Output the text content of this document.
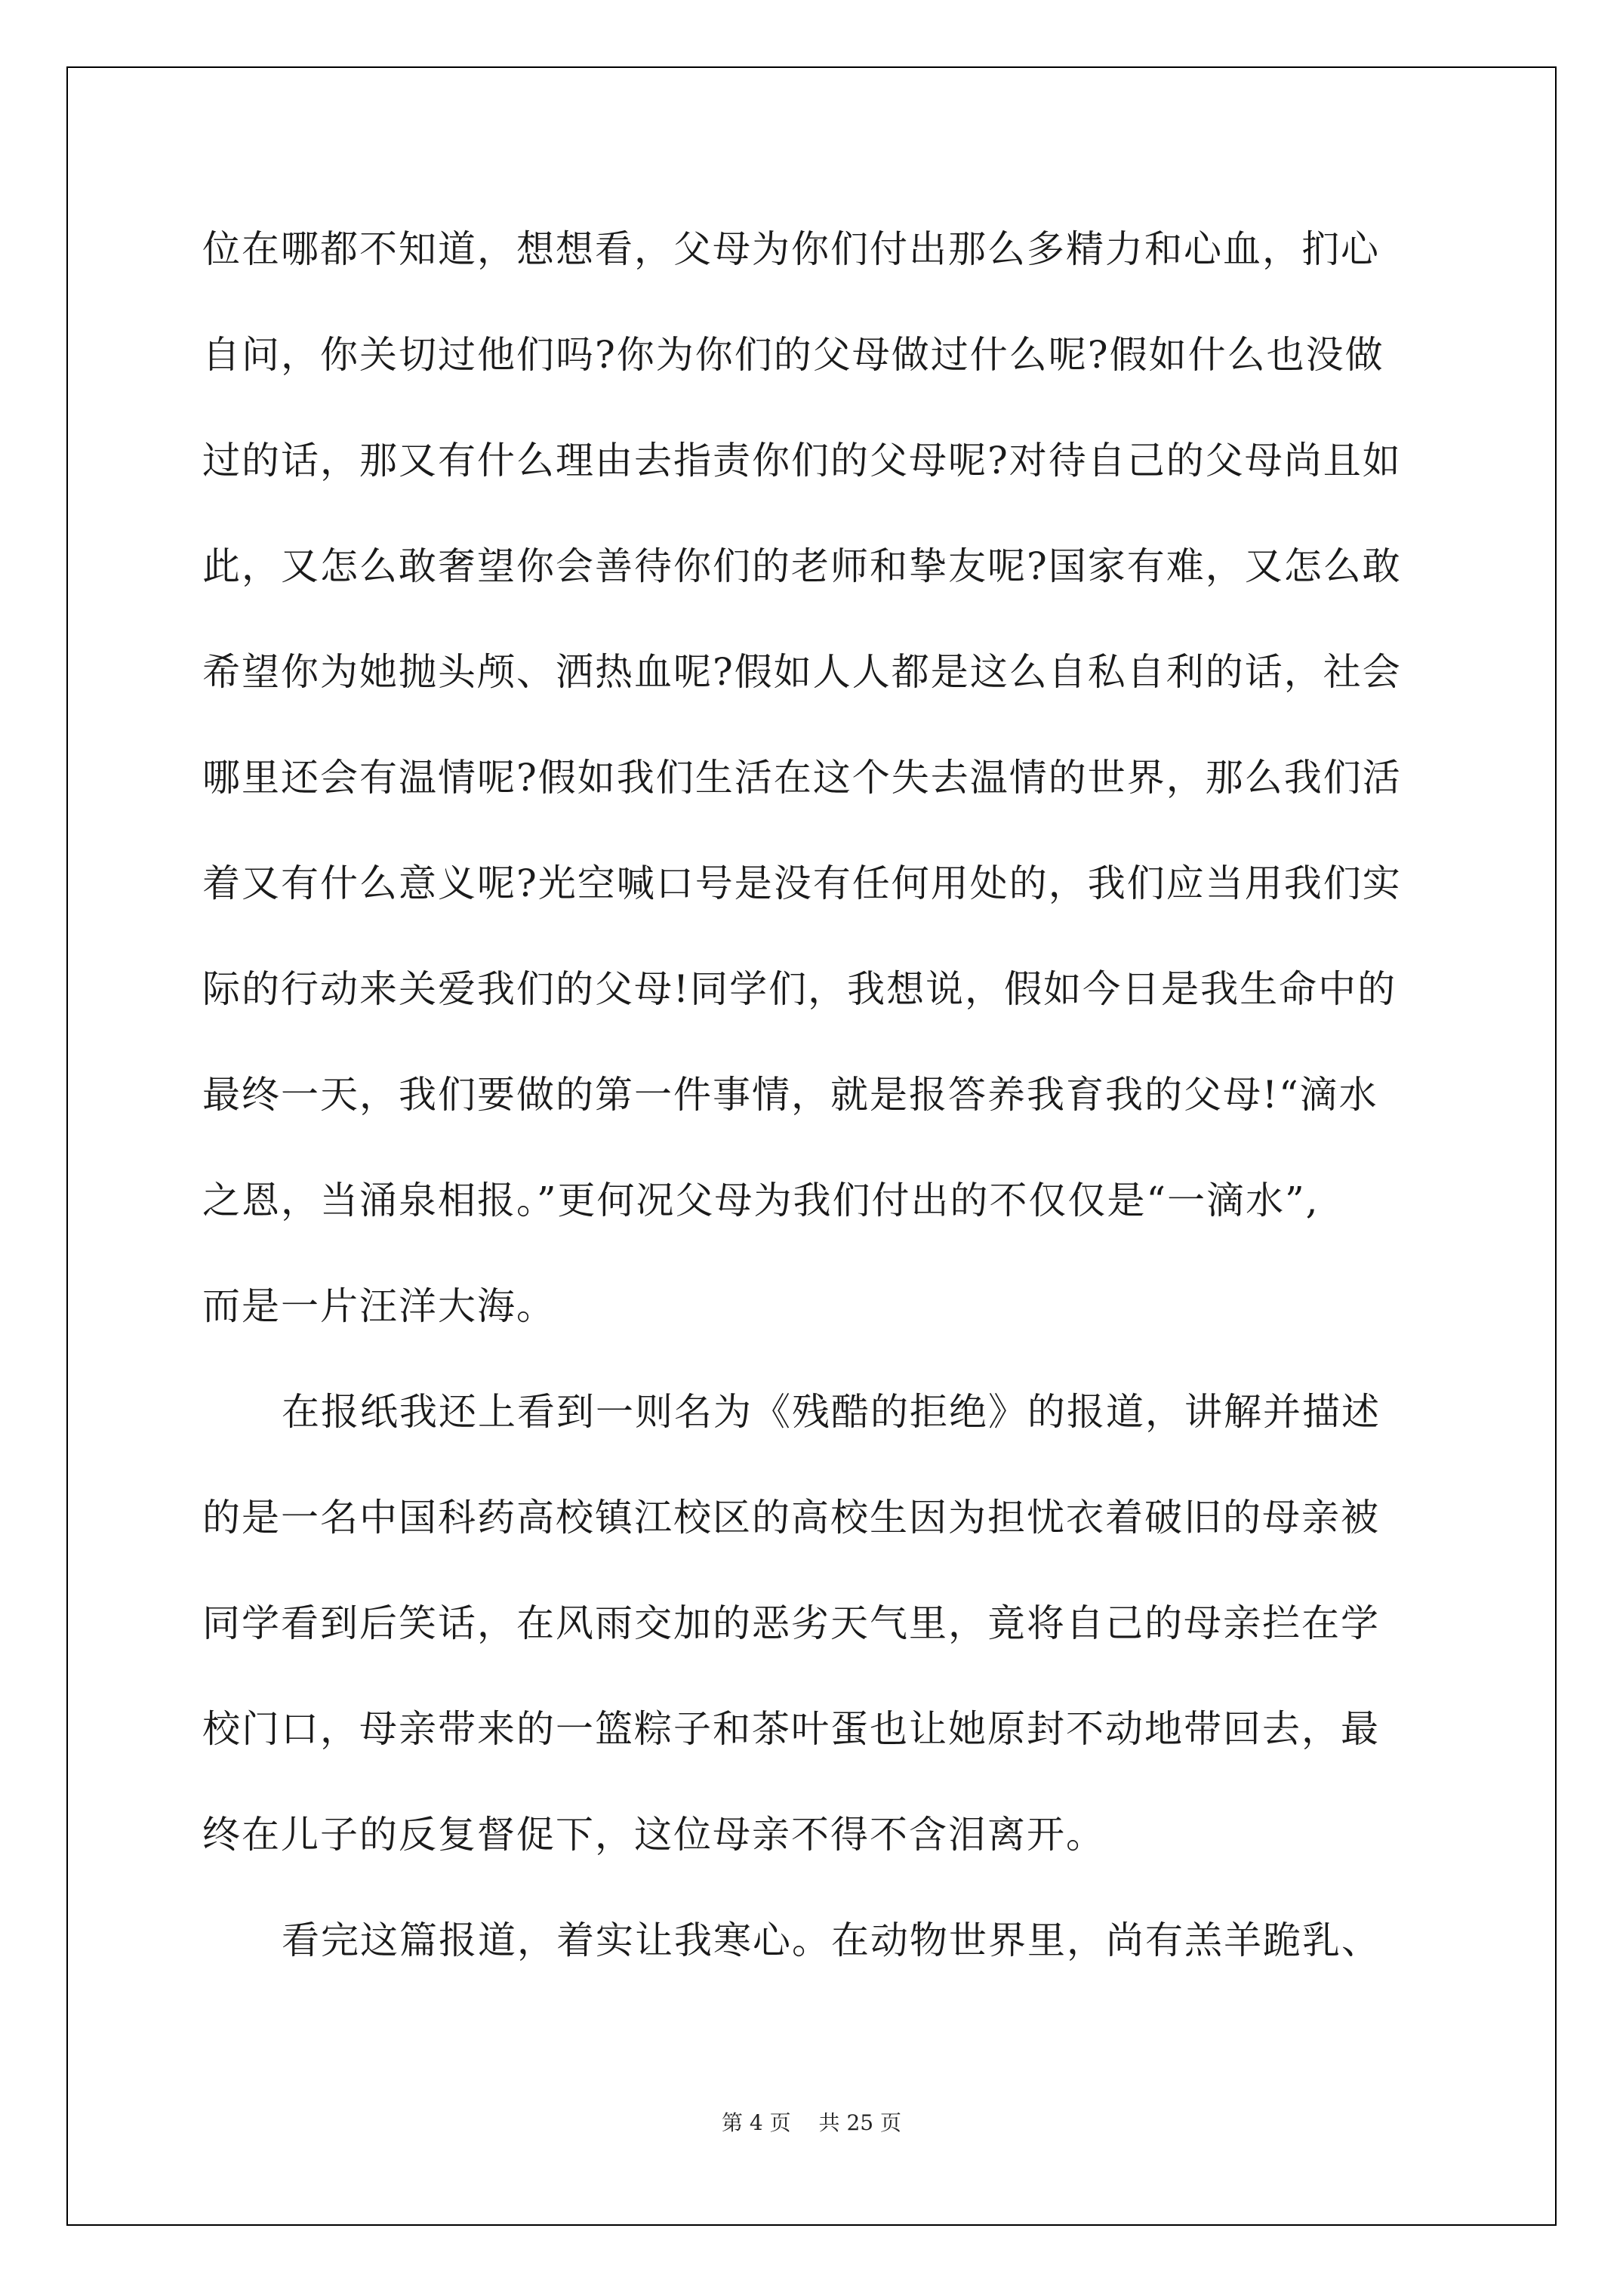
位在哪都不知道，想想看，父母为你们付出那么多精力和心血，扪心
自问，你关切过他们吗?你为你们的父母做过什么呢?假如什么也没做
过的话，那又有什么理由去指责你们的父母呢?对待自己的父母尚且如
此，又怎么敢奢望你会善待你们的老师和挚友呢?国家有难，又怎么敢
希望你为她抛头颅、洒热血呢?假如人人都是这么自私自利的话，社会
哪里还会有温情呢?假如我们生活在这个失去温情的世界，那么我们活
着又有什么意义呢?光空喊口号是没有任何用处的，我们应当用我们实
际的行动来关爱我们的父母!同学们，我想说，假如今日是我生命中的
最终一天，我们要做的第一件事情，就是报答养我育我的父母!“滴水
之恩，当涌泉相报。”更何况父母为我们付出的不仅仅是“一滴水”,
而是一片汪洋大海。
在报纸我还上看到一则名为《残酷的拒绝》的报道，讲解并描述
的是一名中国科药高校镇江校区的高校生因为担忧衣着破旧的母亲被
同学看到后笑话，在风雨交加的恶劣天气里，竟将自己的母亲拦在学
校门口，母亲带来的一篮粽子和茶叶蛋也让她原封不动地带回去，最
终在儿子的反复督促下，这位母亲不得不含泪离开。
看完这篇报道，着实让我寒心。在动物世界里，尚有羔羊跪乳、
第 4 页 共 25 页
